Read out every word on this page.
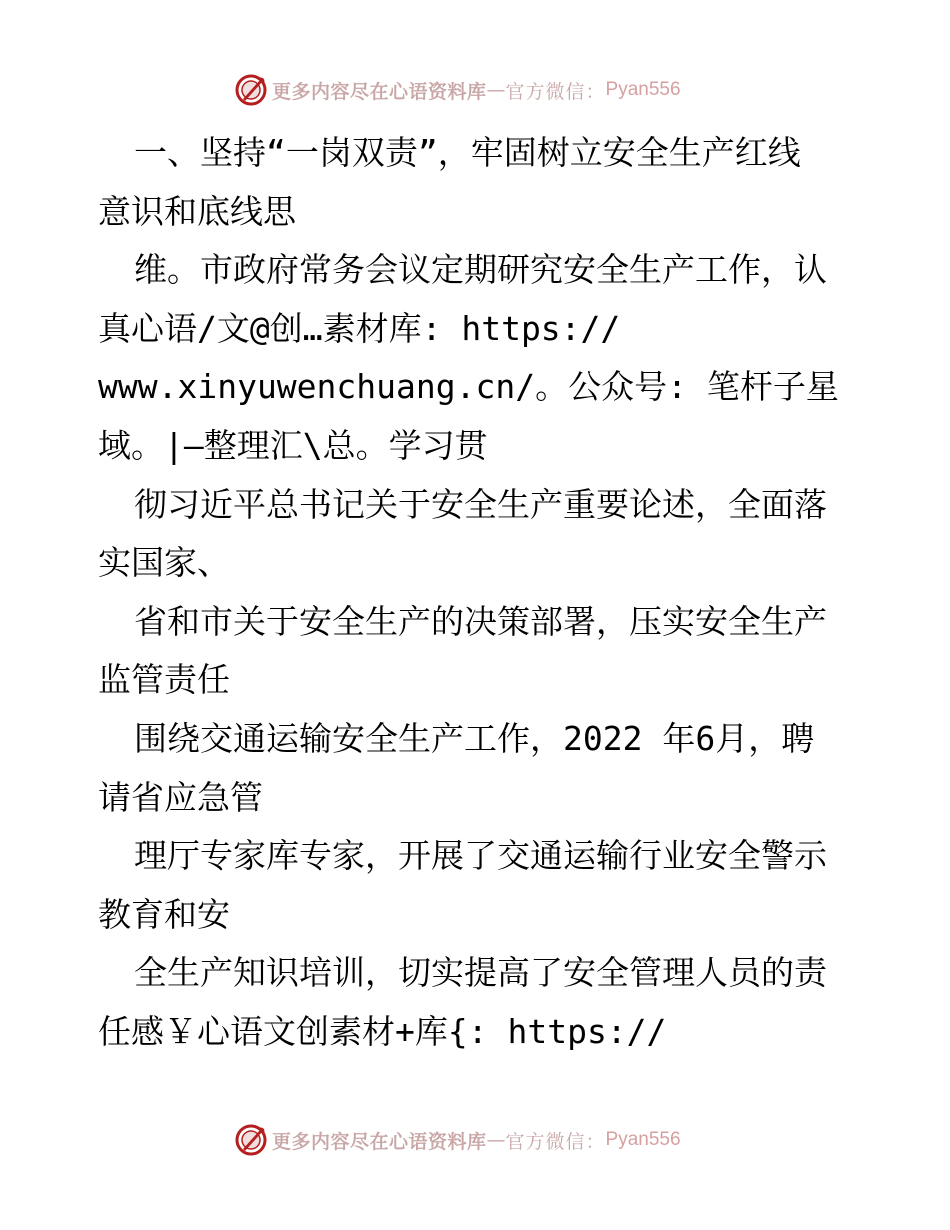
更多内容尽在心语资料库 — 官方微信： Pyan556
一、坚持“一岗双责”，牢固树立安全生产红线
意识和底线思
维。市政府常务会议定期研究安全生产工作，认
真心语/文@创…素材库: https://
www.xinyuwenchuang.cn/。公众号: 笔杆子星
域。|—整理汇\总。学习贯
彻习近平总书记关于安全生产重要论述，全面落
实国家、
省和市关于安全生产的决策部署，压实安全生产
监管责任
围绕交通运输安全生产工作，2022 年6月，聘
请省应急管
理厅专家库专家，开展了交通运输行业安全警示
教育和安
全生产知识培训，切实提高了安全管理人员的责
任感￥心语文创素材+库{: https://
更多内容尽在心语资料库 — 官方微信： Pyan556
